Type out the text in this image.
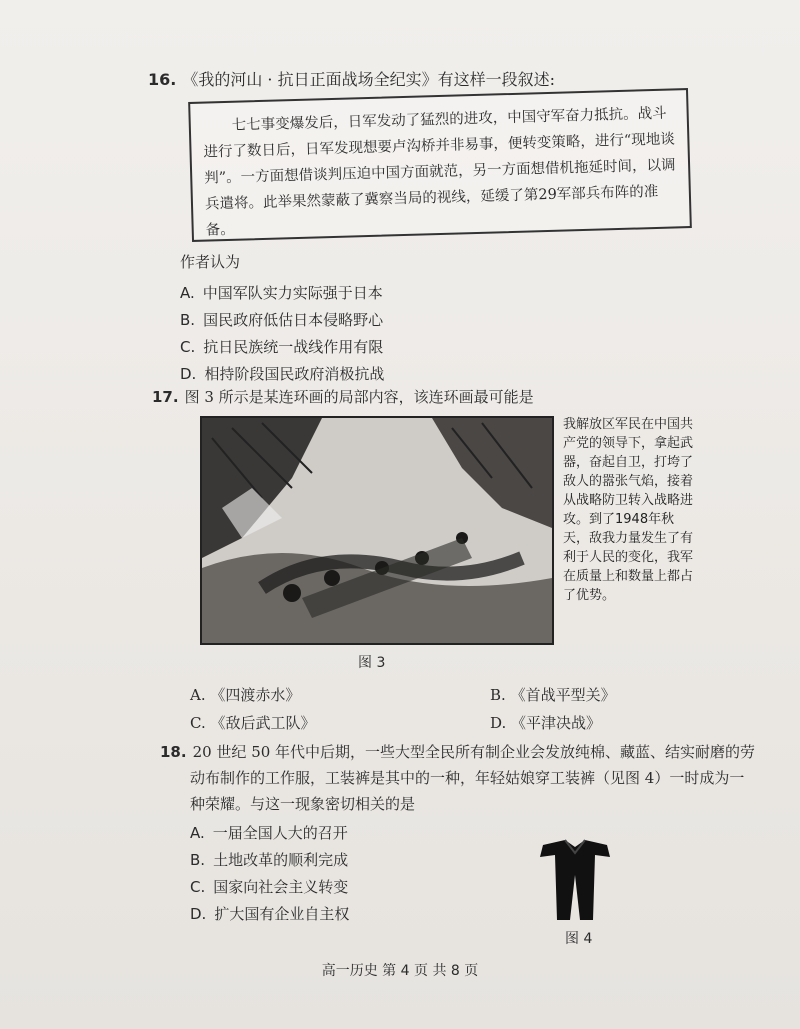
16. 《我的河山 · 抗日正面战场全纪实》有这样一段叙述:

七七事变爆发后，日军发动了猛烈的进攻，中国守军奋力抵抗。战斗进行了数日后，日军发现想要卢沟桥并非易事，便转变策略，进行“现地谈判”。一方面想借谈判压迫中国方面就范，另一方面想借机拖延时间，以调兵遣将。此举果然蒙蔽了冀察当局的视线，延缓了第29军部兵布阵的准备。

作者认为
A. 中国军队实力实际强于日本
B. 国民政府低估日本侵略野心
C. 抗日民族统一战线作用有限
D. 相持阶段国民政府消极抗战
17. 图 3 所示是某连环画的局部内容，该连环画最可能是
我解放区军民在中国共产党的领导下，拿起武器，奋起自卫，打垮了敌人的嚣张气焰，接着从战略防卫转入战略进攻。到了1948年秋天，敌我力量发生了有利于人民的变化，我军在质量上和数量上都占了优势。
图 3
A. 《四渡赤水》	B. 《首战平型关》
C. 《敌后武工队》	D. 《平津决战》
18. 20 世纪 50 年代中后期，一些大型全民所有制企业会发放纯棉、藏蓝、结实耐磨的劳
动布制作的工作服，工装裤是其中的一种，年轻姑娘穿工装裤（见图 4）一时成为一
种荣耀。与这一现象密切相关的是
A. 一届全国人大的召开
B. 土地改革的顺利完成
C. 国家向社会主义转变
D. 扩大国有企业自主权
图 4
高一历史 第 4 页 共 8 页
